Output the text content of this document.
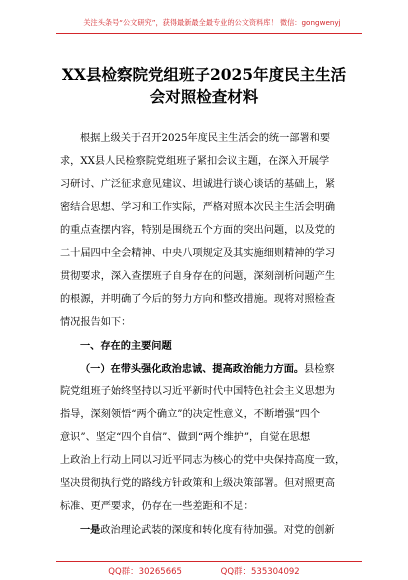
关注头条号“公文研究”，获得最新最全最专业的公文资料库！ 微信：gongwenyj
XX县检察院党组班子2025年度民主生活
会对照检查材料
根据上级关于召开2025年度民主生活会的统一部署和要
求，XX县人民检察院党组班子紧扣会议主题，在深入开展学
习研讨、广泛征求意见建议、坦诚进行谈心谈话的基础上，紧
密结合思想、学习和工作实际，严格对照本次民主生活会明确
的重点查摆内容，特别是围绕五个方面的突出问题，以及党的
二十届四中全会精神、中央八项规定及其实施细则精神的学习
贯彻要求，深入查摆班子自身存在的问题，深刻剖析问题产生
的根源，并明确了今后的努力方向和整改措施。现将对照检查
情况报告如下：
一、存在的主要问题
（一）在带头强化政治忠诚、提高政治能力方面。县检察
院党组班子始终坚持以习近平新时代中国特色社会主义思想为
指导，深刻领悟“两个确立”的决定性意义，不断增强“四个
意识”、坚定“四个自信”、做到“两个维护”，自觉在思想
上政治上行动上同以习近平同志为核心的党中央保持高度一致，
坚决贯彻执行党的路线方针政策和上级决策部署。但对照更高
标准、更严要求，仍存在一些差距和不足：
一是政治理论武装的深度和转化度有待加强。对党的创新
QQ群：30265665	QQ群：535304092
